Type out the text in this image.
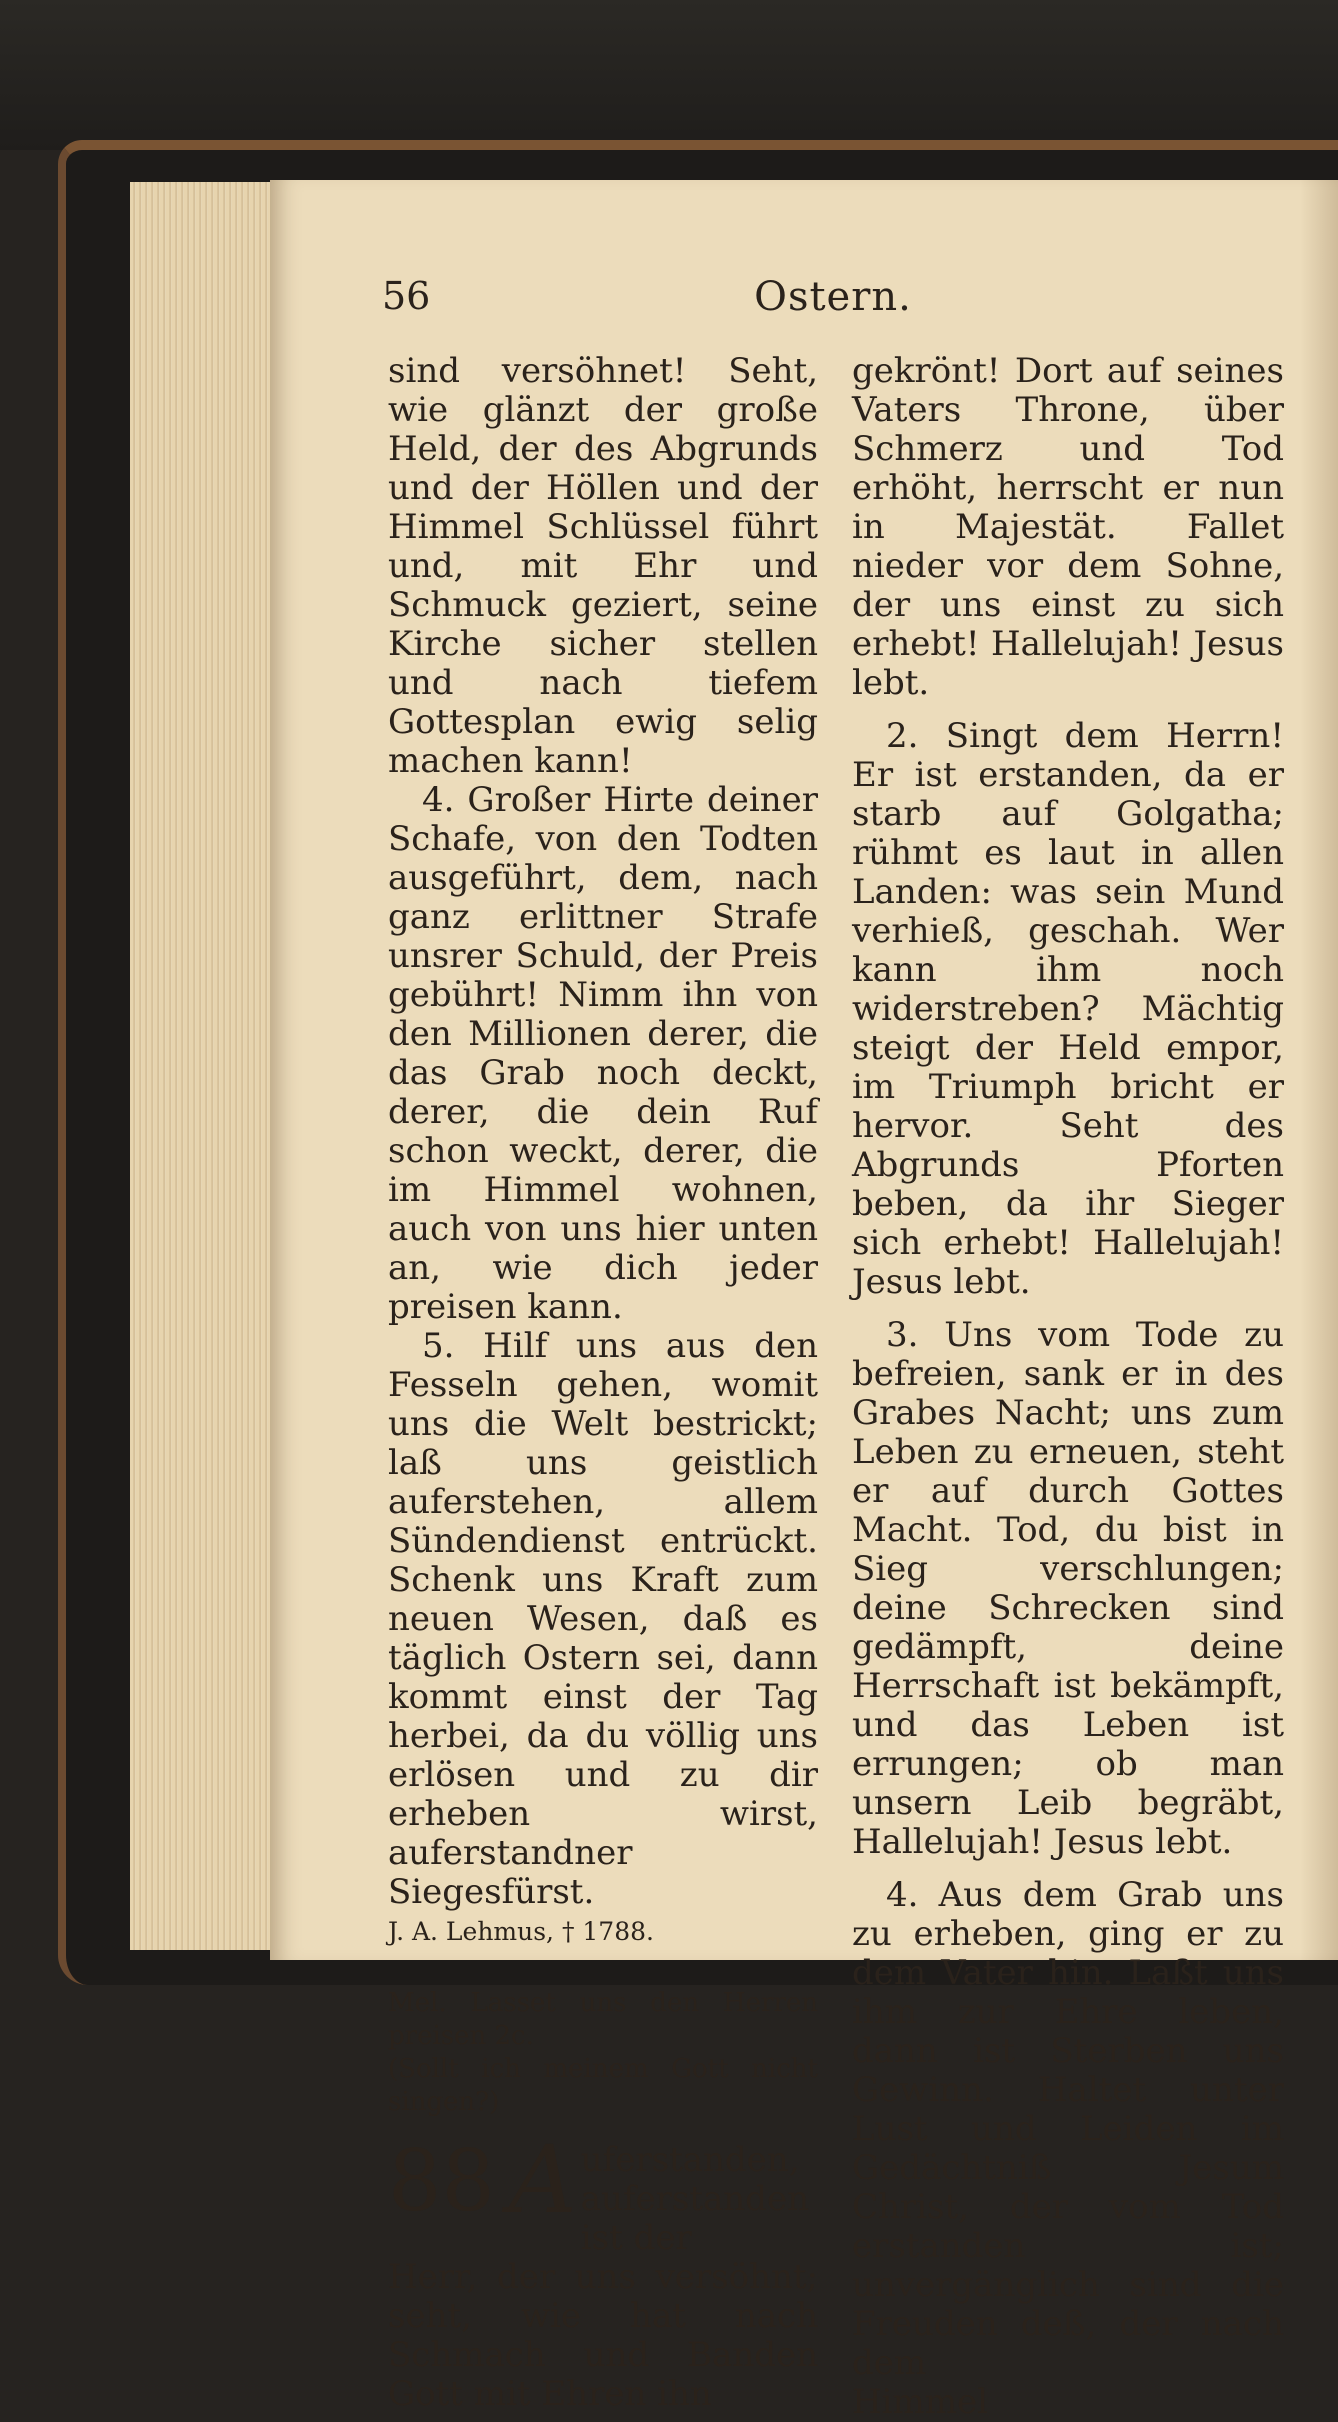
56	Ostern.

sind versöhnet! Seht, wie glänzt der große Held, der des Abgrunds und der Höllen und der Himmel Schlüssel führt und, mit Ehr und Schmuck geziert, seine Kirche sicher stellen und nach tiefem Gottesplan ewig selig machen kann!

4. Großer Hirte deiner Schafe, von den Todten ausgeführt, dem, nach ganz erlittner Strafe unsrer Schuld, der Preis gebührt! Nimm ihn von den Millionen derer, die das Grab noch deckt, derer, die dein Ruf schon weckt, derer, die im Himmel wohnen, auch von uns hier unten an, wie dich jeder preisen kann.

5. Hilf uns aus den Fesseln gehen, womit uns die Welt bestrickt; laß uns geistlich auferstehen, allem Sündendienst entrückt. Schenk uns Kraft zum neuen Wesen, daß es täglich Ostern sei, dann kommt einst der Tag herbei, da du völlig uns erlösen und zu dir erheben wirst, auferstandner Siegesfürst.

J. A. Lehmus, † 1788.

Mel. Lasset uns den Herren preisen 2c.

(Sollt ich meinem Gott nicht singen?)

88 A uferstanden, auferstanden ist der

Herr, der uns versöhnt; seht, wie hat nach Schmach und Banden Gott mit Ehren ihn

gekrönt! Dort auf seines Vaters Throne, über Schmerz und Tod erhöht, herrscht er nun in Majestät. Fallet nieder vor dem Sohne, der uns einst zu sich erhebt! Hallelujah! Jesus lebt.

2. Singt dem Herrn! Er ist erstanden, da er starb auf Golgatha; rühmt es laut in allen Landen: was sein Mund verhieß, geschah. Wer kann ihm noch widerstreben? Mächtig steigt der Held empor, im Triumph bricht er hervor. Seht des Abgrunds Pforten beben, da ihr Sieger sich erhebt! Hallelujah! Jesus lebt.

3. Uns vom Tode zu befreien, sank er in des Grabes Nacht; uns zum Leben zu erneuen, steht er auf durch Gottes Macht. Tod, du bist in Sieg verschlungen; deine Schrecken sind gedämpft, deine Herrschaft ist bekämpft, und das Leben ist errungen; ob man unsern Leib begräbt, Hallelujah! Jesus lebt.

4. Aus dem Grab uns zu erheben, ging er zu dem Vater hin. Laßt uns ihm zur Ehre leben, dann ist Sterben uns Gewinn. Haltet unter Lust und Leiden im Gedächtniß Jesum Christ, der vom Tod erstanden ist; unvergänglich sind die Freuden deß, der nach dem

Himmel
